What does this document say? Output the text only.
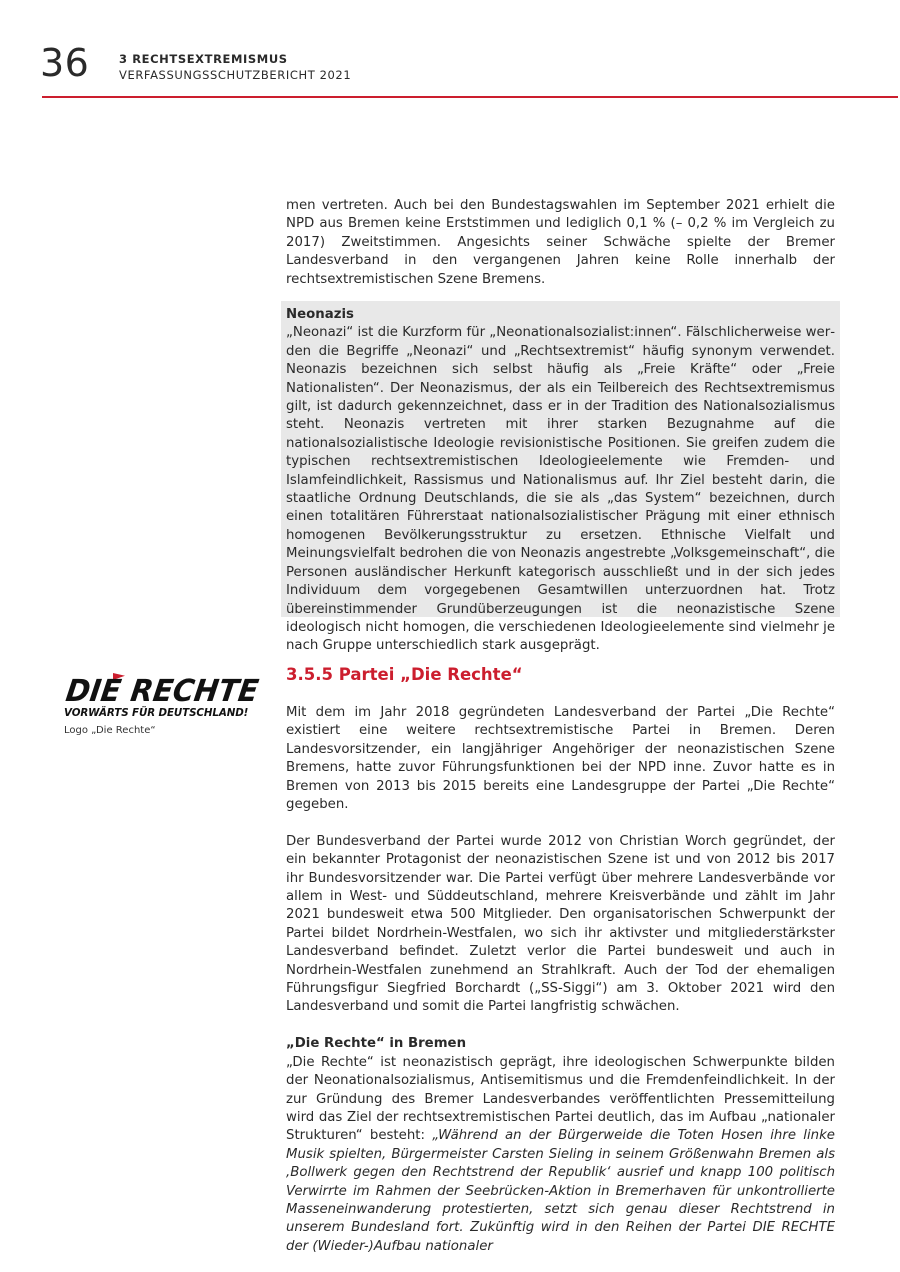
36	3 RECHTSEXTREMISMUS
VERFASSUNGSSCHUTZBERICHT 2021

men vertreten. Auch bei den Bundestagswahlen im September 2021 erhielt die NPD aus Bremen keine Erststimmen und lediglich 0,1 % (– 0,2 % im Vergleich zu 2017) Zweitstimmen. Angesichts seiner Schwäche spielte der Bremer Landesverband in den vergangenen Jahren keine Rolle innerhalb der rechtsextremistischen Szene Bremens.

Neonazis
„Neonazi“ ist die Kurzform für „Neonationalsozialist:innen“. Fälschlicherweise werden die Begriffe „Neonazi“ und „Rechtsextremist“ häufig synonym verwendet. Neonazis bezeichnen sich selbst häufig als „Freie Kräfte“ oder „Freie Nationalisten“. Der Neonazismus, der als ein Teilbereich des Rechtsextremismus gilt, ist dadurch gekennzeichnet, dass er in der Tradition des Nationalsozialismus steht. Neonazis vertreten mit ihrer starken Bezugnahme auf die nationalsozialistische Ideologie revisionistische Positionen. Sie greifen zudem die typischen rechtsextremistischen Ideologieelemente wie Fremden- und Islamfeindlichkeit, Rassismus und Nationalismus auf. Ihr Ziel besteht darin, die staatliche Ordnung Deutschlands, die sie als „das System“ bezeichnen, durch einen totalitären Führerstaat nationalsozialistischer Prägung mit einer ethnisch homogenen Bevölkerungsstruktur zu ersetzen. Ethnische Vielfalt und Meinungsvielfalt bedrohen die von Neonazis angestrebte „Volksgemeinschaft“, die Personen ausländischer Herkunft kategorisch ausschließt und in der sich jedes Individuum dem vorgegebenen Gesamtwillen unterzuordnen hat. Trotz übereinstimmender Grundüberzeugungen ist die neonazistische Szene ideologisch nicht homogen, die verschiedenen Ideologieelemente sind vielmehr je nach Gruppe unterschiedlich stark ausgeprägt.
DIE RECHTE
VORWÄRTS FÜR DEUTSCHLAND!
Logo „Die Rechte“
3.5.5 Partei „Die Rechte“

Mit dem im Jahr 2018 gegründeten Landesverband der Partei „Die Rechte“ existiert eine weitere rechtsextremistische Partei in Bremen. Deren Landesvorsitzender, ein langjähriger Angehöriger der neonazistischen Szene Bremens, hatte zuvor Führungsfunktionen bei der NPD inne. Zuvor hatte es in Bremen von 2013 bis 2015 bereits eine Landesgruppe der Partei „Die Rechte“ gegeben.

Der Bundesverband der Partei wurde 2012 von Christian Worch gegründet, der ein bekannter Protagonist der neonazistischen Szene ist und von 2012 bis 2017 ihr Bundesvorsitzender war. Die Partei verfügt über mehrere Landesverbände vor allem in West- und Süddeutschland, mehrere Kreisverbände und zählt im Jahr 2021 bundesweit etwa 500 Mitglieder. Den organisatorischen Schwerpunkt der Partei bildet Nordrhein-Westfalen, wo sich ihr aktivster und mitgliederstärkster Landesverband befindet. Zuletzt verlor die Partei bundesweit und auch in Nordrhein-Westfalen zunehmend an Strahlkraft. Auch der Tod der ehemaligen Führungsfigur Siegfried Borchardt („SS-Siggi“) am 3. Oktober 2021 wird den Landesverband und somit die Partei langfristig schwächen.

„Die Rechte“ in Bremen

„Die Rechte“ ist neonazistisch geprägt, ihre ideologischen Schwerpunkte bilden der Neonationalsozialismus, Antisemitismus und die Fremdenfeindlichkeit. In der zur Gründung des Bremer Landesverbandes veröffentlichten Pressemitteilung wird das Ziel der rechtsextremistischen Partei deutlich, das im Aufbau „nationaler Strukturen“ besteht: „Während an der Bürgerweide die Toten Hosen ihre linke Musik spielten, Bürgermeister Carsten Sieling in seinem Größenwahn Bremen als ‚Bollwerk gegen den Rechtstrend der Republik‘ ausrief und knapp 100 politisch Verwirrte im Rahmen der Seebrücken-Aktion in Bremerhaven für unkontrollierte Masseneinwanderung protestierten, setzt sich genau dieser Rechtstrend in unserem Bundesland fort. Zukünftig wird in den Reihen der Partei DIE RECHTE der (Wieder-)Aufbau nationaler
